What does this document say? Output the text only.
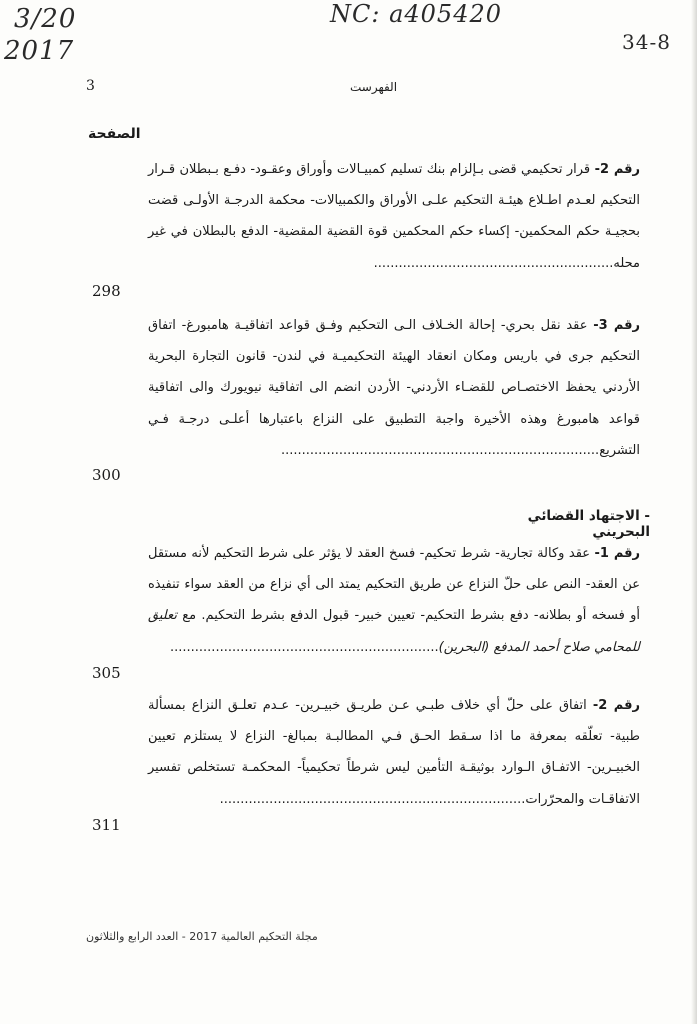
3/20
2017
NC: a405420
34-8
3	الفهرست
الصفحة
رقم 2- قرار تحكيمي قضى بـإلزام بنك تسليم كمبيـالات وأوراق وعقـود- دفـع بـبطلان قـرار التحكيم لعـدم اطـلاع هيئـة التحكيم علـى الأوراق والكمبيالات- محكمة الدرجـة الأولـى قضت بحجيـة حكم المحكمين- إكساء حكم المحكمين قوة القضية المقضية- الدفع بالبطلان في غير محله..........................................................
298
رقم 3- عقد نقل بحري- إحالة الخـلاف الـى التحكيم وفـق قواعد اتفاقيـة هامبورغ- اتفاق التحكيم جرى في باريس ومكان انعقاد الهيئة التحكيميـة في لندن- قانون التجارة البحرية الأردني يحفظ الاختصـاص للقضـاء الأردني- الأردن انضم الى اتفاقية نيويورك والى اتفاقية قواعد هامبورغ وهذه الأخيرة واجبة التطبيق على النزاع باعتبارها أعلـى درجـة فـي التشريع.............................................................................
300
- الاجتهاد القضائي البحريني
رقم 1- عقد وكالة تجارية- شرط تحكيم- فسخ العقد لا يؤثر على شرط التحكيم لأنه مستقل عن العقد- النص على حلّ النزاع عن طريق التحكيم يمتد الى أي نزاع من العقد سواء تنفيذه أو فسخه أو بطلانه- دفع بشرط التحكيم- تعيين خبير- قبول الدفع بشرط التحكيم. مع تعليق للمحامي صلاح أحمد المدفع (البحرين).................................................................
305
رقم 2- اتفاق على حلّ أي خلاف طبـي عـن طريـق خبيـرين- عـدم تعلـق النزاع بمسألة طبية- تعلّقه بمعرفة ما اذا سـقط الحـق فـي المطالبـة بمبالغ- النزاع لا يستلزم تعيين الخبيـرين- الاتفـاق الـوارد بوثيقـة التأمين ليس شرطاً تحكيمياً- المحكمـة تستخلص تفسير الاتفاقـات والمحرّرات..........................................................................
311
مجلة التحكيم العالمية 2017 - العدد الرابع والثلاثون
